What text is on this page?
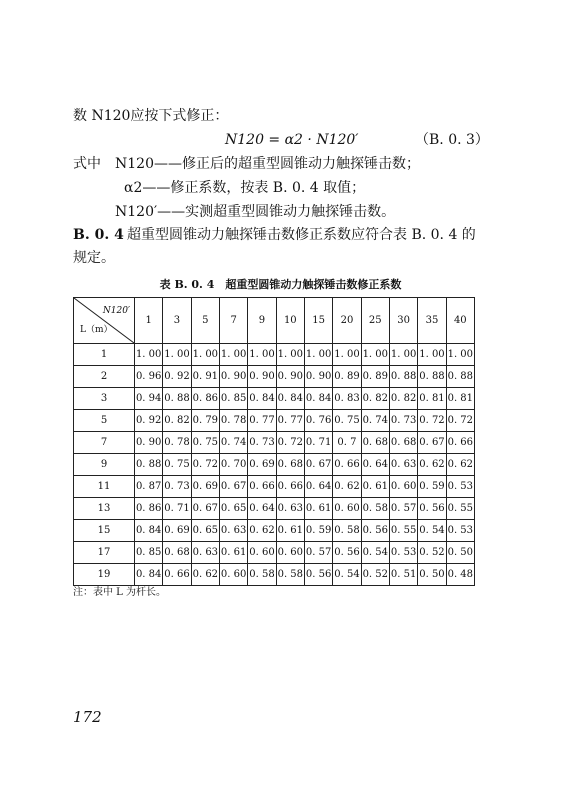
数 N120应按下式修正：
N120 = α2 · N120′	（B. 0. 3）
式中 N120——修正后的超重型圆锥动力触探锤击数；
α2——修正系数，按表 B. 0. 4 取值；
N120′——实测超重型圆锥动力触探锤击数。
B. 0. 4 超重型圆锥动力触探锤击数修正系数应符合表 B. 0. 4 的
规定。
表 B. 0. 4　超重型圆锥动力触探锤击数修正系数
N120′
L（m）	1	3	5	7	9	10	15	20	25	30	35	40
1	1. 00	1. 00	1. 00	1. 00	1. 00	1. 00	1. 00	1. 00	1. 00	1. 00	1. 00	1. 00
2	0. 96	0. 92	0. 91	0. 90	0. 90	0. 90	0. 90	0. 89	0. 89	0. 88	0. 88	0. 88
3	0. 94	0. 88	0. 86	0. 85	0. 84	0. 84	0. 84	0. 83	0. 82	0. 82	0. 81	0. 81
5	0. 92	0. 82	0. 79	0. 78	0. 77	0. 77	0. 76	0. 75	0. 74	0. 73	0. 72	0. 72
7	0. 90	0. 78	0. 75	0. 74	0. 73	0. 72	0. 71	0. 7	0. 68	0. 68	0. 67	0. 66
9	0. 88	0. 75	0. 72	0. 70	0. 69	0. 68	0. 67	0. 66	0. 64	0. 63	0. 62	0. 62
11	0. 87	0. 73	0. 69	0. 67	0. 66	0. 66	0. 64	0. 62	0. 61	0. 60	0. 59	0. 53
13	0. 86	0. 71	0. 67	0. 65	0. 64	0. 63	0. 61	0. 60	0. 58	0. 57	0. 56	0. 55
15	0. 84	0. 69	0. 65	0. 63	0. 62	0. 61	0. 59	0. 58	0. 56	0. 55	0. 54	0. 53
17	0. 85	0. 68	0. 63	0. 61	0. 60	0. 60	0. 57	0. 56	0. 54	0. 53	0. 52	0. 50
19	0. 84	0. 66	0. 62	0. 60	0. 58	0. 58	0. 56	0. 54	0. 52	0. 51	0. 50	0. 48
注：表中 L 为杆长。
172
